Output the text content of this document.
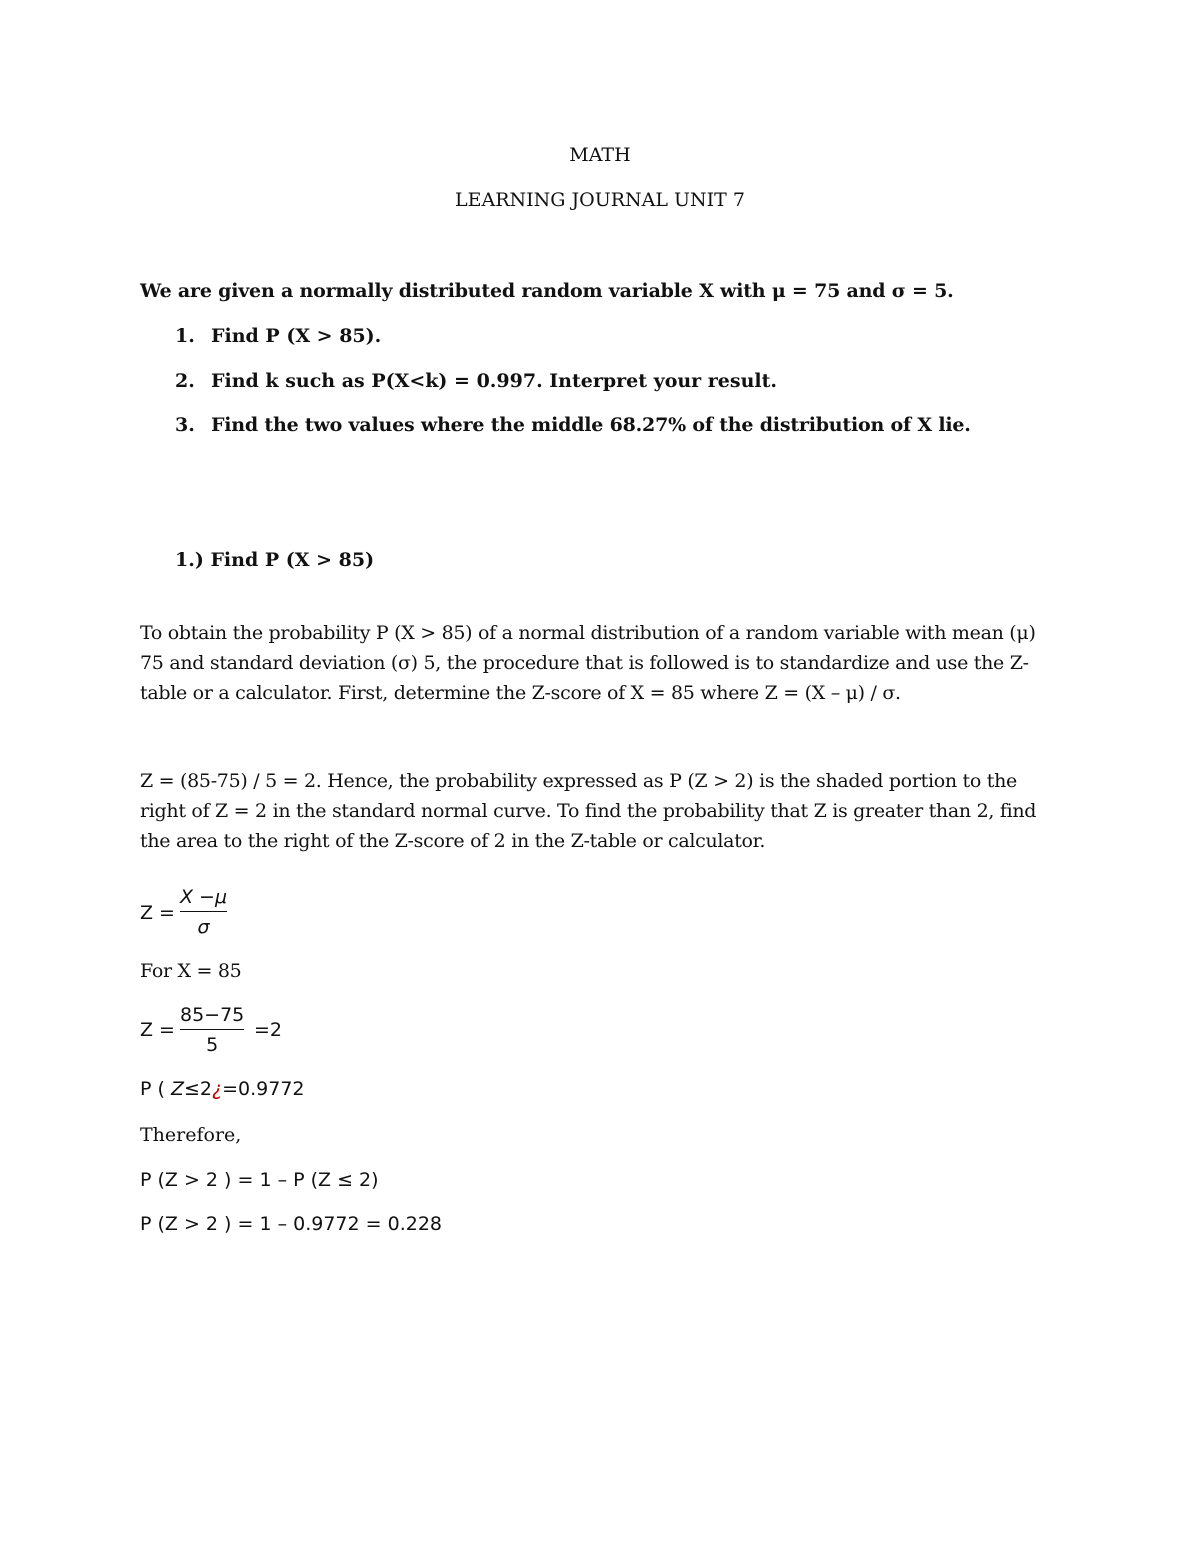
MATH
LEARNING JOURNAL UNIT 7
We are given a normally distributed random variable X with μ = 75 and σ = 5.
1. Find P (X > 85).
2. Find k such as P(X<k) = 0.997. Interpret your result.
3. Find the two values where the middle 68.27% of the distribution of X lie.
1.) Find P (X > 85)
To obtain the probability P (X > 85) of a normal distribution of a random variable with mean (μ) 75 and standard deviation (σ) 5, the procedure that is followed is to standardize and use the Z-table or a calculator. First, determine the Z-score of X = 85 where Z = (X – μ) / σ.
Z = (85-75) / 5 = 2. Hence, the probability expressed as P (Z > 2) is the shaded portion to the right of Z = 2 in the standard normal curve. To find the probability that Z is greater than 2, find the area to the right of the Z-score of 2 in the Z-table or calculator.
Z =
X −μ
σ
For X = 85
Z =
85−75
5
=2
P ( Z≤2¿=0.9772
Therefore,
P (Z > 2 ) = 1 – P (Z ≤ 2)
P (Z > 2 ) = 1 – 0.9772 = 0.228
